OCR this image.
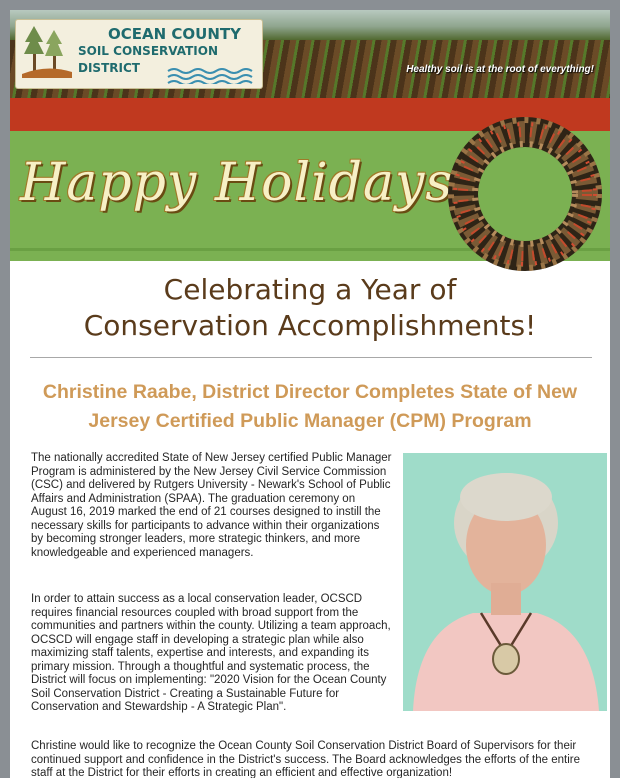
OCEAN COUNTY
SOIL CONSERVATION DISTRICT	Healthy soil is at the root of everything!
Happy Holidays
Celebrating a Year of
Conservation Accomplishments!
Christine Raabe, District Director Completes State of New
Jersey Certified Public Manager (CPM) Program
The nationally accredited State of New Jersey certified Public Manager Program is administered by the New Jersey Civil Service Commission (CSC) and delivered by Rutgers University - Newark's School of Public Affairs and Administration (SPAA). The graduation ceremony on August 16, 2019 marked the end of 21 courses designed to instill the necessary skills for participants to advance within their organizations by becoming stronger leaders, more strategic thinkers, and more knowledgeable and experienced managers.
In order to attain success as a local conservation leader, OCSCD requires financial resources coupled with broad support from the communities and partners within the county. Utilizing a team approach, OCSCD will engage staff in developing a strategic plan while also maximizing staff talents, expertise and interests, and expanding its primary mission. Through a thoughtful and systematic process, the District will focus on implementing: "2020 Vision for the Ocean County Soil Conservation District - Creating a Sustainable Future for Conservation and Stewardship - A Strategic Plan".
Christine would like to recognize the Ocean County Soil Conservation District Board of Supervisors for their continued support and confidence in the District's success. The Board acknowledges the efforts of the entire staff at the District for their efforts in creating an efficient and effective organization!
